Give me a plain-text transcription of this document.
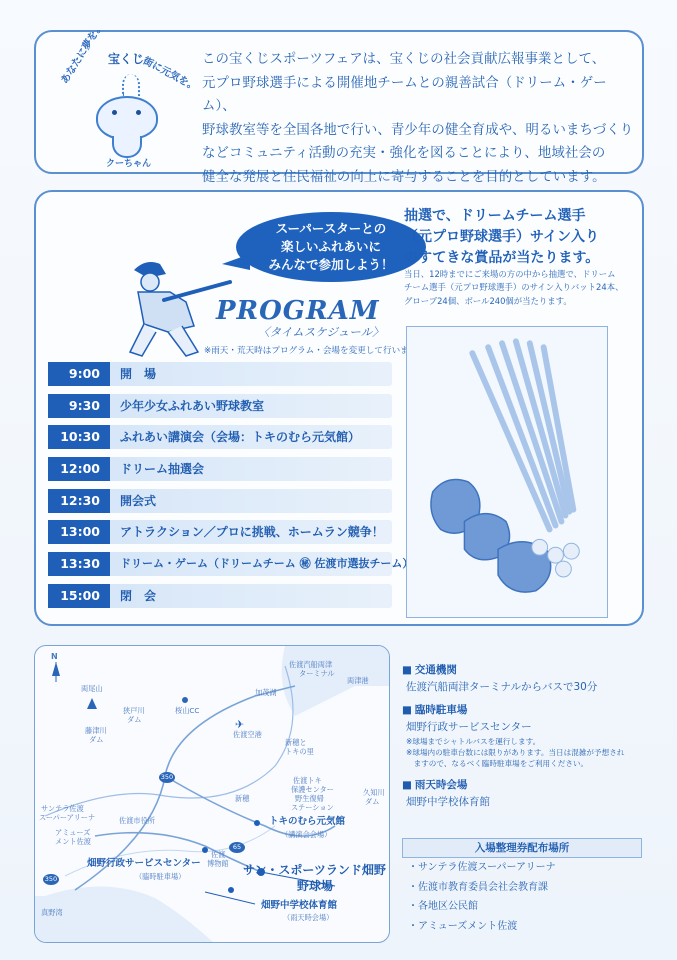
あなたに夢を。 宝くじ
街に元気を。
クーちゃん
この宝くじスポーツフェアは、宝くじの社会貢献広報事業として、
元プロ野球選手による開催地チームとの親善試合（ドリーム・ゲーム）、
野球教室等を全国各地で行い、青少年の健全育成や、明るいまちづくり
などコミュニティ活動の充実・強化を図ることにより、地域社会の
健全な発展と住民福祉の向上に寄与することを目的としています。
スーパースターとの
楽しいふれあいに
みんなで参加しよう！
PROGRAM
〈タイムスケジュール〉
※雨天・荒天時はプログラム・会場を変更して行います。
9:00	開　場
9:30	少年少女ふれあい野球教室
10:30	ふれあい講演会（会場：トキのむら元気館）
12:00	ドリーム抽選会
12:30	開会式
13:00	アトラクション／プロに挑戦、ホームラン競争！
13:30	ドリーム・ゲーム（ドリームチーム ㊙ 佐渡市選抜チーム）
15:00	閉　会
抽選で、ドリームチーム選手
（元プロ野球選手）サイン入り
のすてきな賞品が当たります。
当日、12時までにご来場の方の中から抽選で、ドリーム
チーム選手（元プロ野球選手）のサイン入りバット24本、
グローブ24個、ボール240個が当たります。
✈
N
350
350
65
佐渡汽船両津
ターミナル
両津港
両尾山	加茂湖
桜山CC
狭戸川
ダム
藤津川
ダム
佐渡空港
新穂と
トキの里
新穂
佐渡トキ
保護センター
野生復帰
ステーション
久知川
ダム
サンテラ佐渡
スーパーアリーナ
アミューズ
メント佐渡
佐渡市役所
佐渡
博物館
トキのむら元気館
（講演会会場）
畑野行政サービスセンター
（臨時駐車場）	サン・スポーツランド畑野
野球場
畑野中学校体育館
（雨天時会場）
真野湾
■ 交通機関
佐渡汽船両津ターミナルからバスで30分
■ 臨時駐車場
畑野行政サービスセンター
※球場までシャトルバスを運行します。
※球場内の駐車台数には限りがあります。当日は混雑が予想され
　ますので、なるべく臨時駐車場をご利用ください。
■ 雨天時会場
畑野中学校体育館
入場整理券配布場所
・サンテラ佐渡スーパーアリーナ
・佐渡市教育委員会社会教育課
・各地区公民館
・アミューズメント佐渡
